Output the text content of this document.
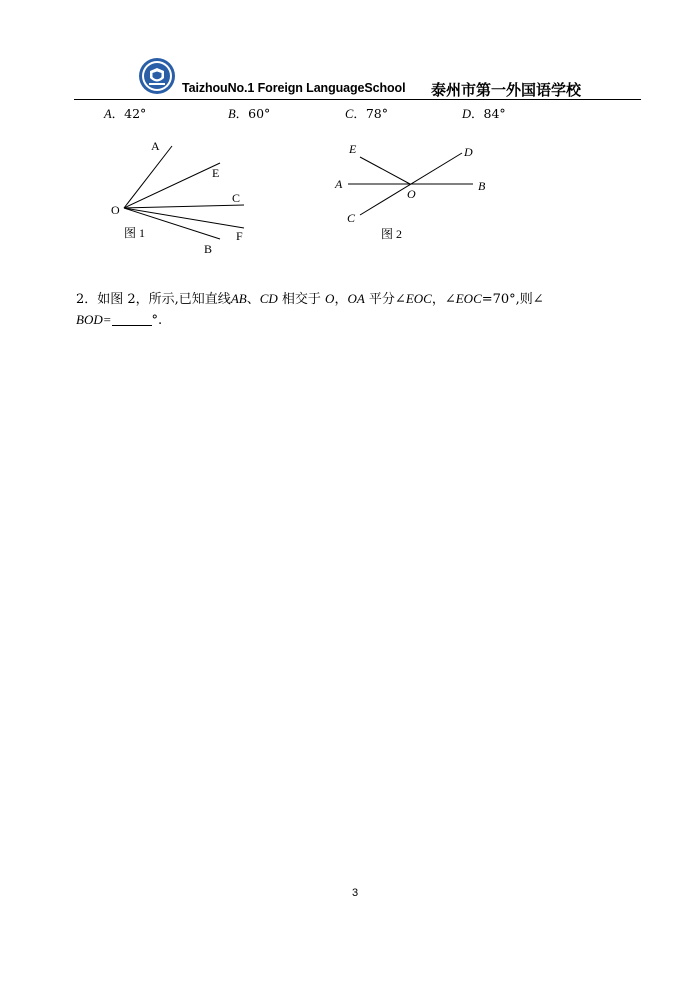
TaizhouNo.1 Foreign LanguageSchool 泰州市第一外国语学校
A．42°	B．60°	C．78°	D．84°
A
E
C
O
F
B
图 1
E	D
A
O
B
C
图 2
2．如图 2，所示,已知直线AB、CD 相交于 O，OA 平分∠EOC，∠EOC=70°,则∠
BOD=	°.
3
